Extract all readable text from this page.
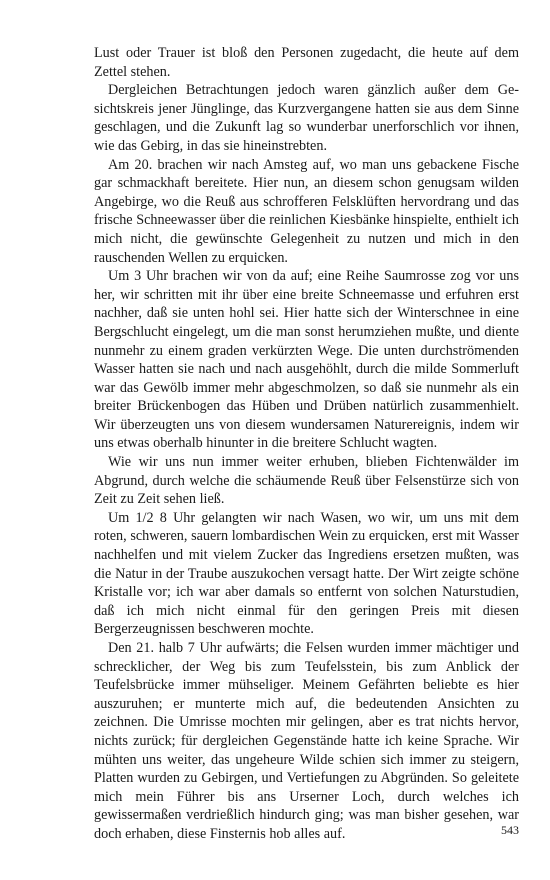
Lust oder Trauer ist bloß den Personen zugedacht, die heute auf dem Zettel stehen.

Dergleichen Betrachtungen jedoch waren gänzlich außer dem Gesichtskreis jener Jünglinge, das Kurzvergangene hatten sie aus dem Sinne geschlagen, und die Zukunft lag so wunderbar unerforschlich vor ihnen, wie das Gebirg, in das sie hineinstrebten.

Am 20. brachen wir nach Amsteg auf, wo man uns gebackene Fische gar schmackhaft bereitete. Hier nun, an diesem schon genugsam wilden Angebirge, wo die Reuß aus schrofferen Felsklüften hervordrang und das frische Schneewasser über die reinlichen Kiesbänke hinspielte, enthielt ich mich nicht, die gewünschte Gelegenheit zu nutzen und mich in den rauschenden Wellen zu erquicken.

Um 3 Uhr brachen wir von da auf; eine Reihe Saumrosse zog vor uns her, wir schritten mit ihr über eine breite Schneemasse und erfuhren erst nachher, daß sie unten hohl sei. Hier hatte sich der Winterschnee in eine Bergschlucht eingelegt, um die man sonst herumziehen mußte, und diente nunmehr zu einem graden verkürzten Wege. Die unten durchströmenden Wasser hatten sie nach und nach ausgehöhlt, durch die milde Sommerluft war das Gewölb immer mehr abgeschmolzen, so daß sie nunmehr als ein breiter Brückenbogen das Hüben und Drüben natürlich zusammenhielt. Wir überzeugten uns von diesem wundersamen Naturereignis, indem wir uns etwas oberhalb hinunter in die breitere Schlucht wagten.

Wie wir uns nun immer weiter erhuben, blieben Fichtenwälder im Abgrund, durch welche die schäumende Reuß über Felsenstürze sich von Zeit zu Zeit sehen ließ.

Um 1/2 8 Uhr gelangten wir nach Wasen, wo wir, um uns mit dem roten, schweren, sauern lombardischen Wein zu erquicken, erst mit Wasser nachhelfen und mit vielem Zucker das Ingrediens ersetzen mußten, was die Natur in der Traube auszukochen versagt hatte. Der Wirt zeigte schöne Kristalle vor; ich war aber damals so entfernt von solchen Naturstudien, daß ich mich nicht einmal für den geringen Preis mit diesen Bergerzeugnissen beschweren mochte.

Den 21. halb 7 Uhr aufwärts; die Felsen wurden immer mächtiger und schrecklicher, der Weg bis zum Teufelsstein, bis zum Anblick der Teufelsbrücke immer mühseliger. Meinem Gefährten beliebte es hier auszuruhen; er munterte mich auf, die bedeutenden Ansichten zu zeichnen. Die Umrisse mochten mir gelingen, aber es trat nichts hervor, nichts zurück; für dergleichen Gegenstände hatte ich keine Sprache. Wir mühten uns weiter, das ungeheure Wilde schien sich immer zu steigern, Platten wurden zu Gebirgen, und Vertiefungen zu Abgründen. So geleitete mich mein Führer bis ans Urserner Loch, durch welches ich gewissermaßen verdrießlich hindurch ging; was man bisher gesehen, war doch erhaben, diese Finsternis hob alles auf.	543
